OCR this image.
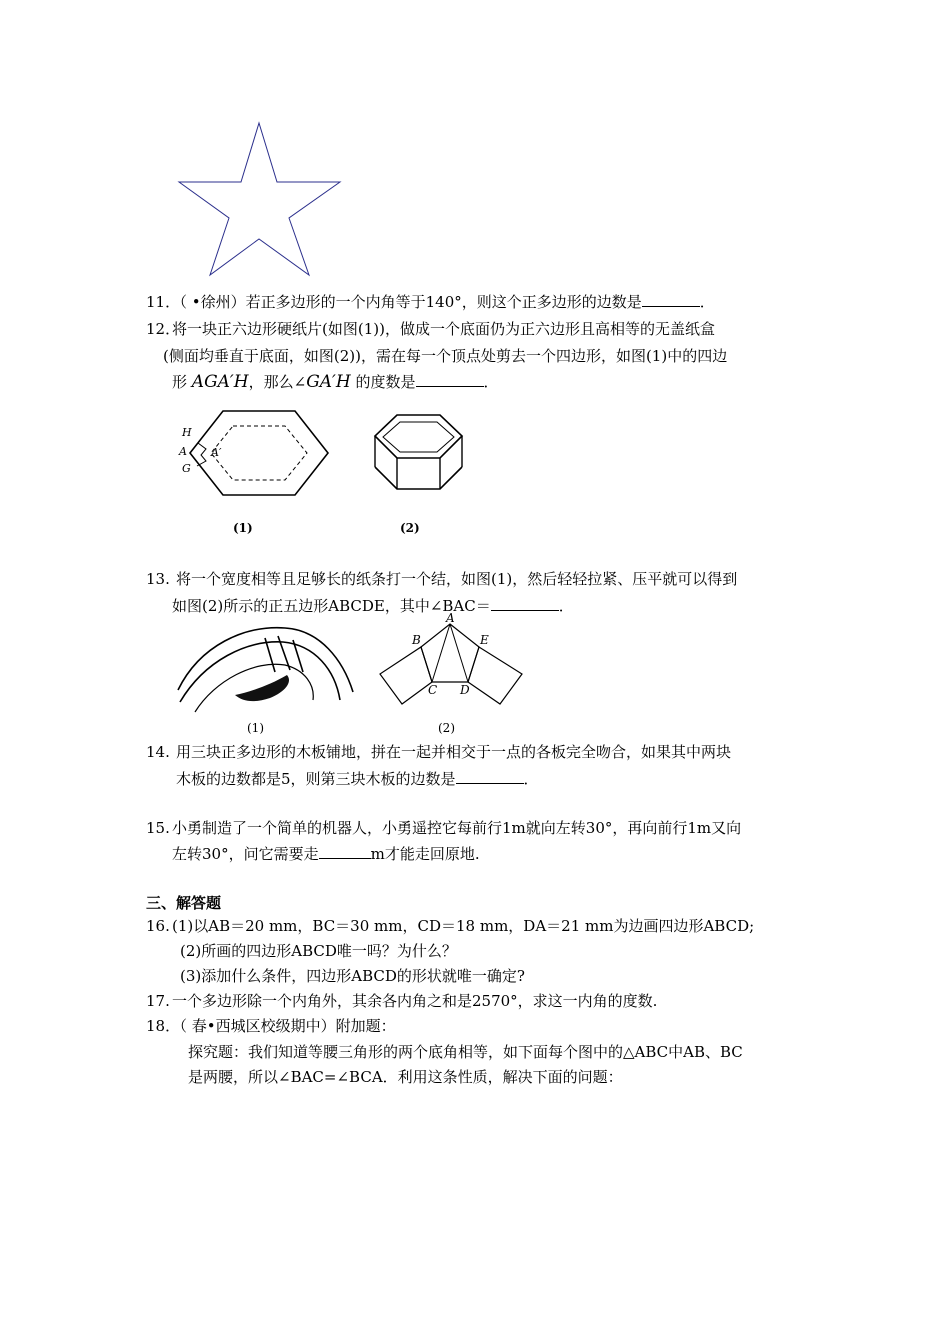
11．
（ •徐州）若正多边形的一个内角等于140°，则这个正多边形的边数是	．
12．
将一块正六边形硬纸片(如图(1))，做成一个底面仍为正六边形且高相等的无盖纸盒
(侧面均垂直于底面，如图(2))，需在每一个顶点处剪去一个四边形，如图(1)中的四边
形 AGA′H，那么∠GA′H 的度数是	．
H
A
G
A′
(1)	(2)
13. 将一个宽度相等且足够长的纸条打一个结，如图(1)，然后轻轻拉紧、压平就可以得到
如图(2)所示的正五边形ABCDE，其中∠BAC＝	．
(1)
A
B	E
C D
(2)
14. 用三块正多边形的木板铺地，拼在一起并相交于一点的各板完全吻合，如果其中两块
木板的边数都是5，则第三块木板的边数是	．
15. 小勇制造了一个简单的机器人，小勇遥控它每前行1m就向左转30°，再向前行1m又向
左转30°，问它需要走	m才能走回原地.
三、解答题
16. (1)以AB＝20 mm，BC＝30 mm，CD＝18 mm，DA＝21 mm为边画四边形ABCD;
(2)所画的四边形ABCD唯一吗？为什么？
(3)添加什么条件，四边形ABCD的形状就唯一确定?
17. 一个多边形除一个内角外，其余各内角之和是2570°，求这一内角的度数.
18．
（ 春•西城区校级期中）附加题：
探究题：我们知道等腰三角形的两个底角相等，如下面每个图中的△ABC中AB、BC
是两腰，所以∠BAC=∠BCA．利用这条性质，解决下面的问题：
